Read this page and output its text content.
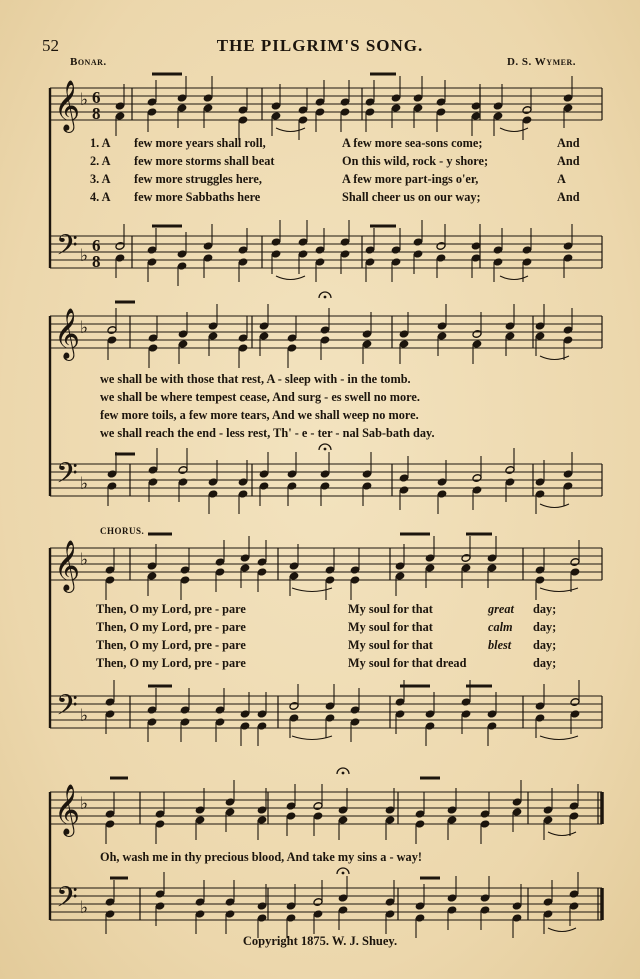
52	THE PILGRIM'S SONG.
Bonar.	D. S. Wymer.
CHORUS.
Copyright 1875. W. J. Shuey.
𝄞
𝄢
♭
♭
6
8
6
8
𝄞
𝄢
♭
♭
𝄞
𝄢
♭
♭
𝄞
𝄢
♭
♭
1. A few more years shall roll,	A few more sea-sons come;	And
2. A few more storms shall beat	On this wild, rock - y shore;	And
3. A few more struggles here,	A few more part-ings o'er,	A
4. A few more Sabbaths here	Shall cheer us on our way;	And
we shall be with those that rest, A - sleep with - in the tomb.
we shall be where tempest cease, And surg - es swell no more.
few more toils, a few more tears, And we shall weep no more.
we shall reach the end - less rest, Th' - e - ter - nal Sab-bath day.
Then, O my Lord, pre - pare	My soul for that	great day;
Then, O my Lord, pre - pare	My soul for that	calm day;
Then, O my Lord, pre - pare	My soul for that	blest day;
Then, O my Lord, pre - pare	My soul for that dread	day;
Oh, wash me in thy precious blood, And take my sins a - way!
